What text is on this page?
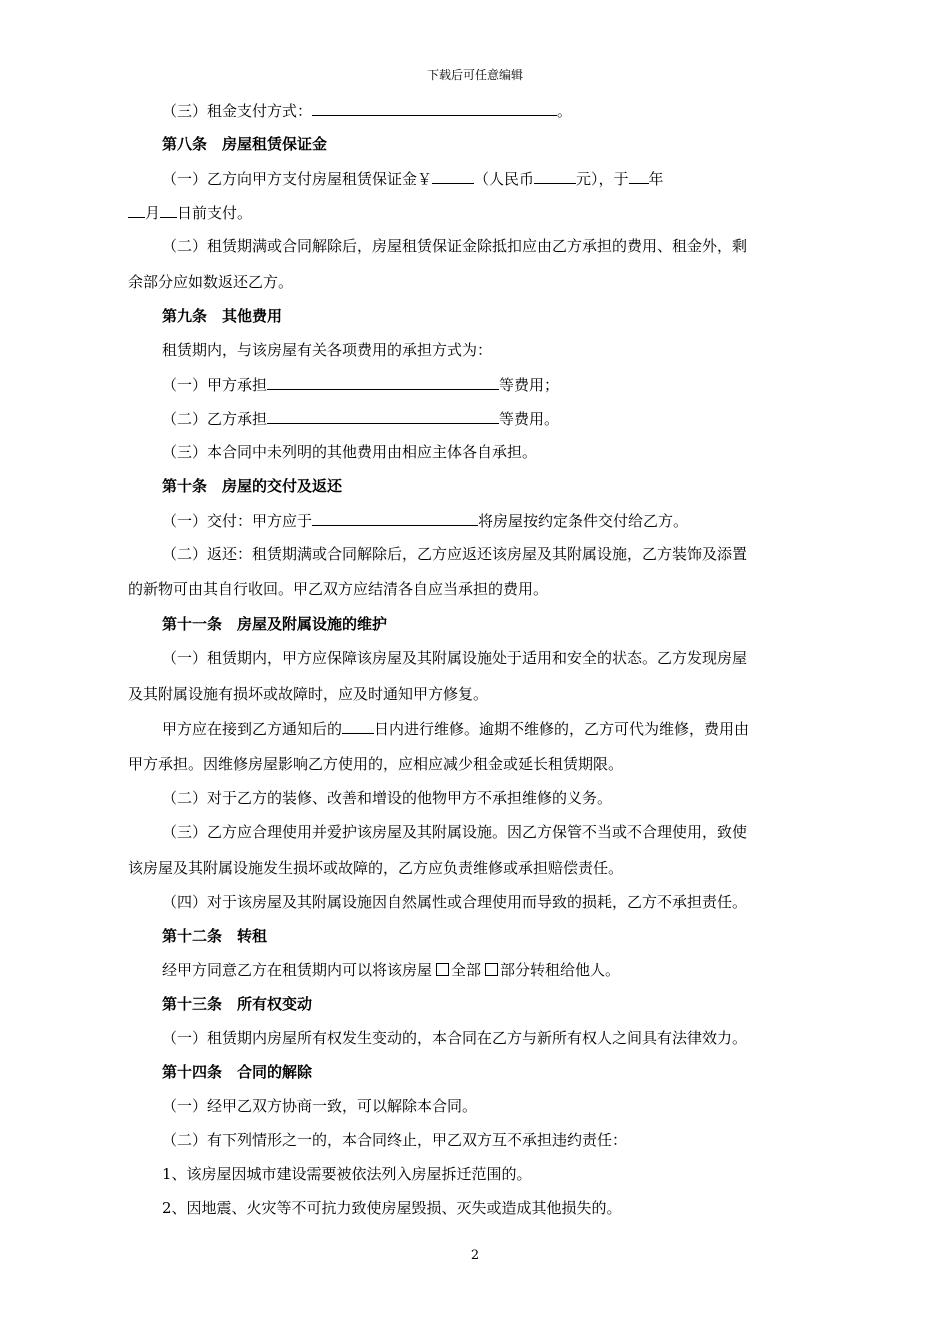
下载后可任意编辑
（三）租金支付方式：	。
第八条　房屋租赁保证金
（一）乙方向甲方支付房屋租赁保证金￥	（人民币	元），于 年
月 日前支付。
（二）租赁期满或合同解除后，房屋租赁保证金除抵扣应由乙方承担的费用、租金外，剩
余部分应如数返还乙方。
第九条　其他费用
租赁期内，与该房屋有关各项费用的承担方式为：
（一）甲方承担	等费用；
（二）乙方承担	等费用。
（三）本合同中未列明的其他费用由相应主体各自承担。
第十条　房屋的交付及返还
（一）交付：甲方应于	将房屋按约定条件交付给乙方。
（二）返还：租赁期满或合同解除后，乙方应返还该房屋及其附属设施，乙方装饰及添置
的新物可由其自行收回。甲乙双方应结清各自应当承担的费用。
第十一条　房屋及附属设施的维护
（一）租赁期内，甲方应保障该房屋及其附属设施处于适用和安全的状态。乙方发现房屋
及其附属设施有损坏或故障时，应及时通知甲方修复。
甲方应在接到乙方通知后的 日内进行维修。逾期不维修的，乙方可代为维修，费用由
甲方承担。因维修房屋影响乙方使用的，应相应减少租金或延长租赁期限。
（二）对于乙方的装修、改善和增设的他物甲方不承担维修的义务。
（三）乙方应合理使用并爱护该房屋及其附属设施。因乙方保管不当或不合理使用，致使
该房屋及其附属设施发生损坏或故障的，乙方应负责维修或承担赔偿责任。
（四）对于该房屋及其附属设施因自然属性或合理使用而导致的损耗，乙方不承担责任。
第十二条　转租
经甲方同意乙方在租赁期内可以将该房屋 全部 部分转租给他人。
第十三条　所有权变动
（一）租赁期内房屋所有权发生变动的，本合同在乙方与新所有权人之间具有法律效力。
第十四条　合同的解除
（一）经甲乙双方协商一致，可以解除本合同。
（二）有下列情形之一的，本合同终止，甲乙双方互不承担违约责任：
1、该房屋因城市建设需要被依法列入房屋拆迁范围的。
2、因地震、火灾等不可抗力致使房屋毁损、灭失或造成其他损失的。
2
